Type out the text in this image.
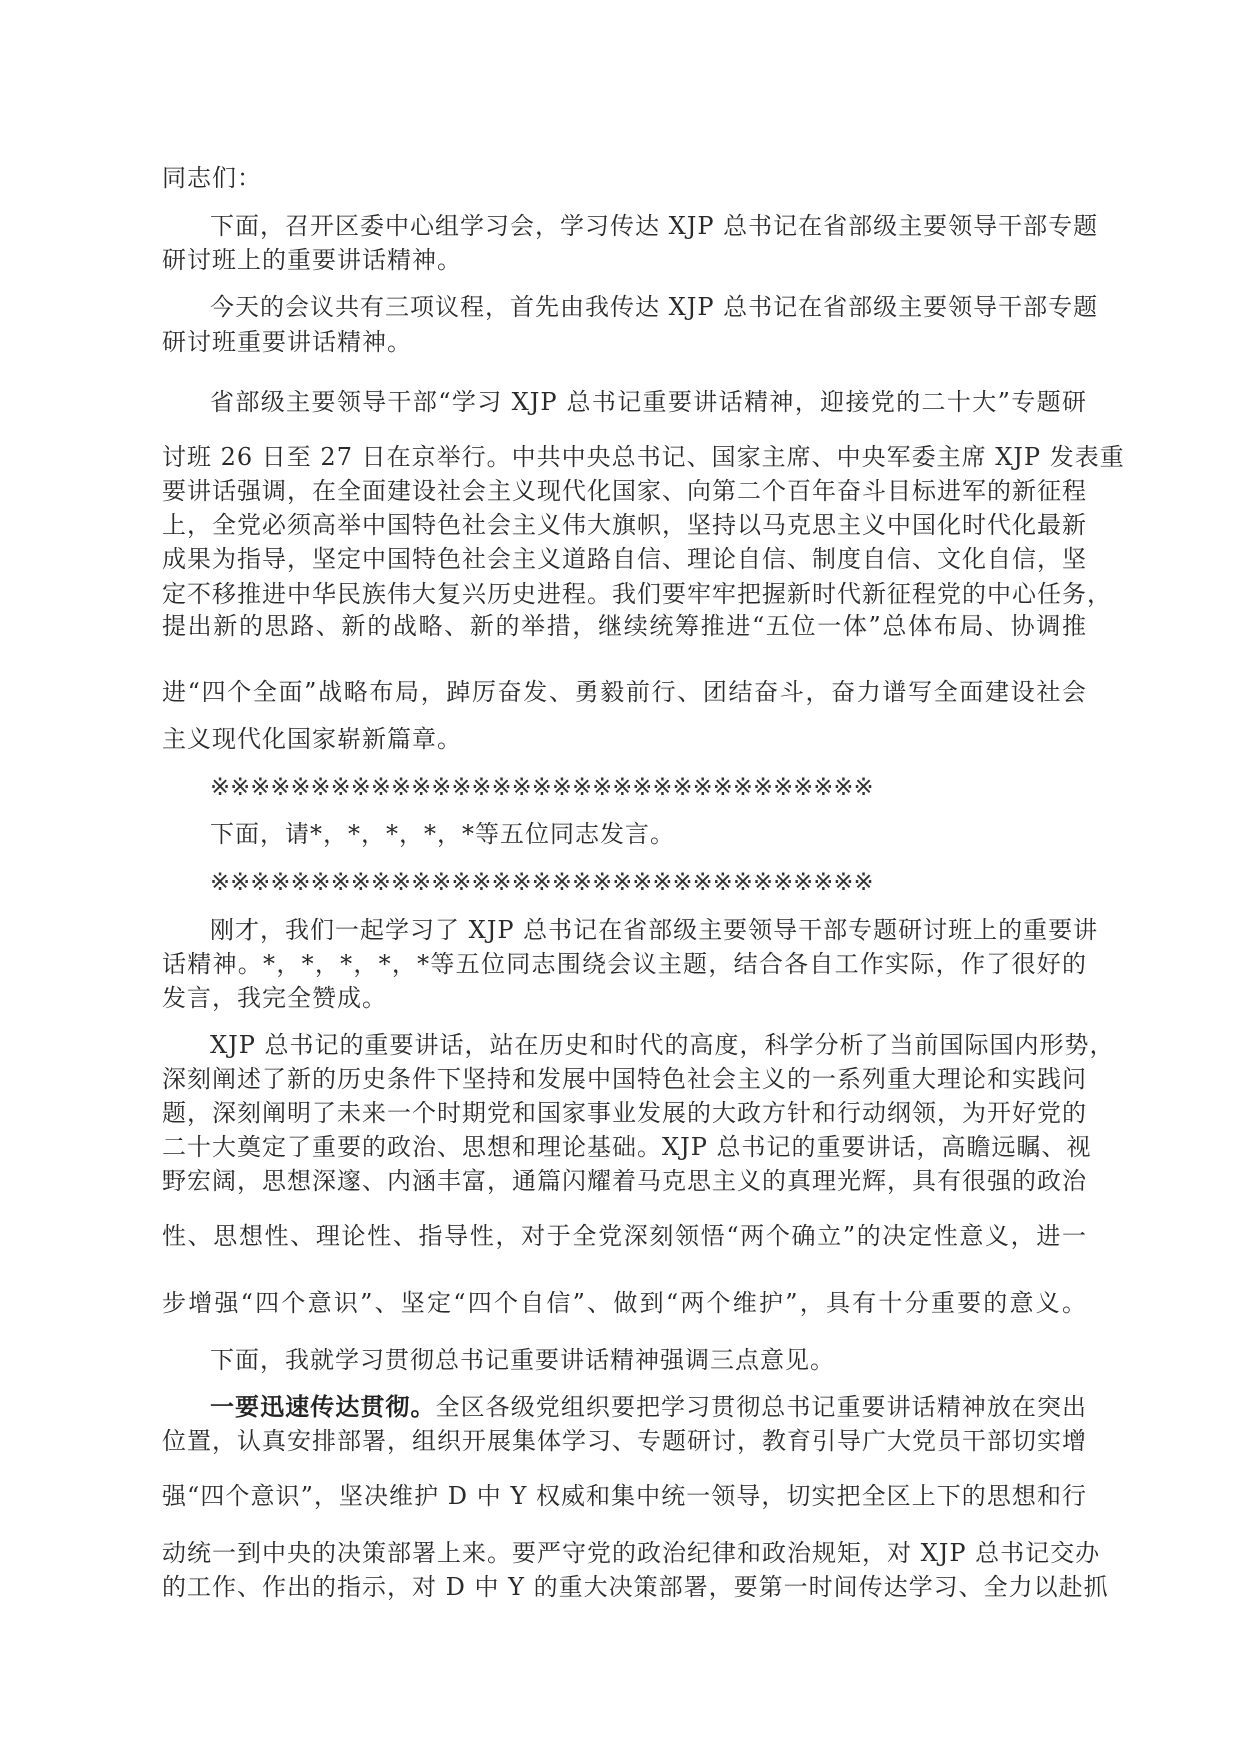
同志们：
下面，召开区委中心组学习会，学习传达 XJP 总书记在省部级主要领导干部专题
研讨班上的重要讲话精神。
今天的会议共有三项议程，首先由我传达 XJP 总书记在省部级主要领导干部专题
研讨班重要讲话精神。
省部级主要领导干部“学习 XJP 总书记重要讲话精神，迎接党的二十大”专题研
讨班 26 日至 27 日在京举行。中共中央总书记、国家主席、中央军委主席 XJP 发表重
要讲话强调，在全面建设社会主义现代化国家、向第二个百年奋斗目标进军的新征程
上，全党必须高举中国特色社会主义伟大旗帜，坚持以马克思主义中国化时代化最新
成果为指导，坚定中国特色社会主义道路自信、理论自信、制度自信、文化自信，坚
定不移推进中华民族伟大复兴历史进程。我们要牢牢把握新时代新征程党的中心任务，
提出新的思路、新的战略、新的举措，继续统筹推进“五位一体”总体布局、协调推
进“四个全面”战略布局，踔厉奋发、勇毅前行、团结奋斗，奋力谱写全面建设社会
主义现代化国家崭新篇章。
※※※※※※※※※※※※※※※※※※※※※※※※※※※※※※※※※
下面，请*，*，*，*，*等五位同志发言。
※※※※※※※※※※※※※※※※※※※※※※※※※※※※※※※※※
刚才，我们一起学习了 XJP 总书记在省部级主要领导干部专题研讨班上的重要讲
话精神。*，*，*，*，*等五位同志围绕会议主题，结合各自工作实际，作了很好的
发言，我完全赞成。
XJP 总书记的重要讲话，站在历史和时代的高度，科学分析了当前国际国内形势，
深刻阐述了新的历史条件下坚持和发展中国特色社会主义的一系列重大理论和实践问
题，深刻阐明了未来一个时期党和国家事业发展的大政方针和行动纲领，为开好党的
二十大奠定了重要的政治、思想和理论基础。XJP 总书记的重要讲话，高瞻远瞩、视
野宏阔，思想深邃、内涵丰富，通篇闪耀着马克思主义的真理光辉，具有很强的政治
性、思想性、理论性、指导性，对于全党深刻领悟“两个确立”的决定性意义，进一
步增强“四个意识”、坚定“四个自信”、做到“两个维护”，具有十分重要的意义。
下面，我就学习贯彻总书记重要讲话精神强调三点意见。
一要迅速传达贯彻。全区各级党组织要把学习贯彻总书记重要讲话精神放在突出
位置，认真安排部署，组织开展集体学习、专题研讨，教育引导广大党员干部切实增
强“四个意识”，坚决维护 D 中 Y 权威和集中统一领导，切实把全区上下的思想和行
动统一到中央的决策部署上来。要严守党的政治纪律和政治规矩，对 XJP 总书记交办
的工作、作出的指示，对 D 中 Y 的重大决策部署，要第一时间传达学习、全力以赴抓
